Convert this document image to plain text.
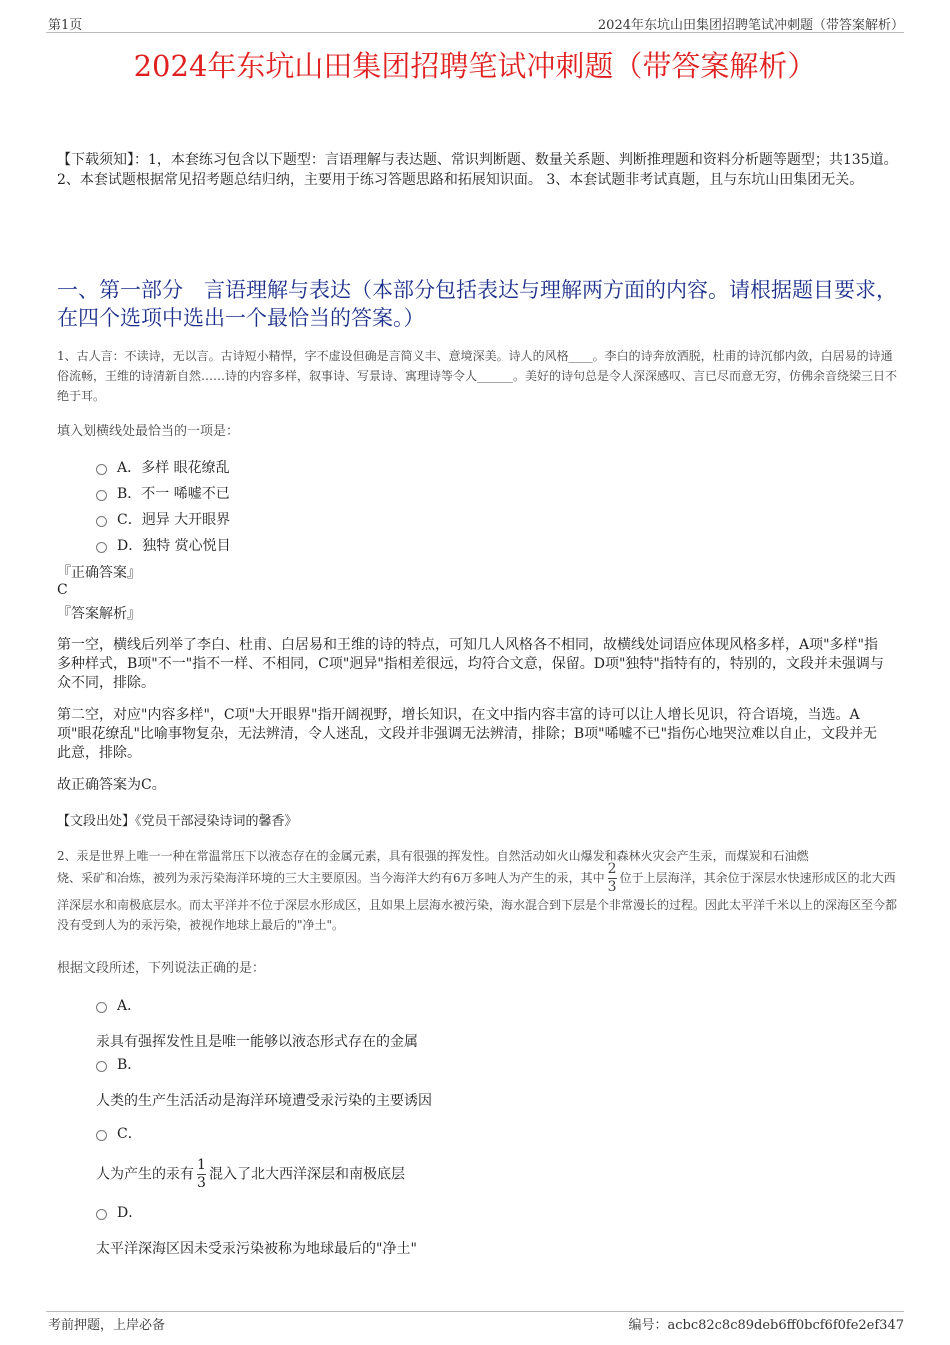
第1页	2024年东坑山田集团招聘笔试冲刺题（带答案解析）
2024年东坑山田集团招聘笔试冲刺题（带答案解析）
【下载须知】：1，本套练习包含以下题型：言语理解与表达题、常识判断题、数量关系题、判断推理题和资料分析题等题型；共135道。 2、本套试题根据常见招考题总结归纳，主要用于练习答题思路和拓展知识面。 3、本套试题非考试真题，且与东坑山田集团无关。
一、第一部分　言语理解与表达（本部分包括表达与理解两方面的内容。请根据题目要求，在四个选项中选出一个最恰当的答案。）
1、古人言：不读诗，无以言。古诗短小精悍，字不虚设但确是言简义丰、意境深美。诗人的风格____。李白的诗奔放洒脱，杜甫的诗沉郁内敛，白居易的诗通俗流畅，王维的诗清新自然……诗的内容多样，叙事诗、写景诗、寓理诗等令人______。美好的诗句总是令人深深感叹、言已尽而意无穷，仿佛余音绕梁三日不绝于耳。
填入划横线处最恰当的一项是：
A． 多样 眼花缭乱
B． 不一 唏嘘不已
C． 迥异 大开眼界
D． 独特 赏心悦目
『正确答案』
C
『答案解析』
第一空，横线后列举了李白、杜甫、白居易和王维的诗的特点，可知几人风格各不相同，故横线处词语应体现风格多样，A项"多样"指多种样式，B项"不一"指不一样、不相同，C项"迥异"指相差很远，均符合文意，保留。D项"独特"指特有的，特别的，文段并未强调与众不同，排除。
第二空，对应"内容多样"，C项"大开眼界"指开阔视野，增长知识，在文中指内容丰富的诗可以让人增长见识，符合语境，当选。A项"眼花缭乱"比喻事物复杂，无法辨清，令人迷乱，文段并非强调无法辨清，排除；B项"唏嘘不已"指伤心地哭泣难以自止，文段并无此意，排除。
故正确答案为C。
【文段出处】《党员干部浸染诗词的馨香》
2、汞是世界上唯一一种在常温常压下以液态存在的金属元素，具有很强的挥发性。自然活动如火山爆发和森林火灾会产生汞，而煤炭和石油燃
烧、采矿和冶炼，被列为汞污染海洋环境的三大主要原因。当今海洋大约有6万多吨人为产生的汞，其中 $\frac{2}{3}$ 位于上层海洋，其余位于深层水快速形成区的北大西洋深层水和南极底层水。而太平洋并不位于深层水形成区，且如果上层海水被污染，海水混合到下层是个非常漫长的过程。因此太平洋千米以上的深海区至今都没有受到人为的汞污染，被视作地球上最后的"净土"。
根据文段所述，下列说法正确的是：
A．
汞具有强挥发性且是唯一能够以液态形式存在的金属
B．
人类的生产生活活动是海洋环境遭受汞污染的主要诱因
C．
人为产生的汞有 $\frac{1}{3}$ 混入了北大西洋深层和南极底层
D．
太平洋深海区因未受汞污染被称为地球最后的"净土"
考前押题，上岸必备	编号：acbc82c8c89deb6ff0bcf6f0fe2ef347
